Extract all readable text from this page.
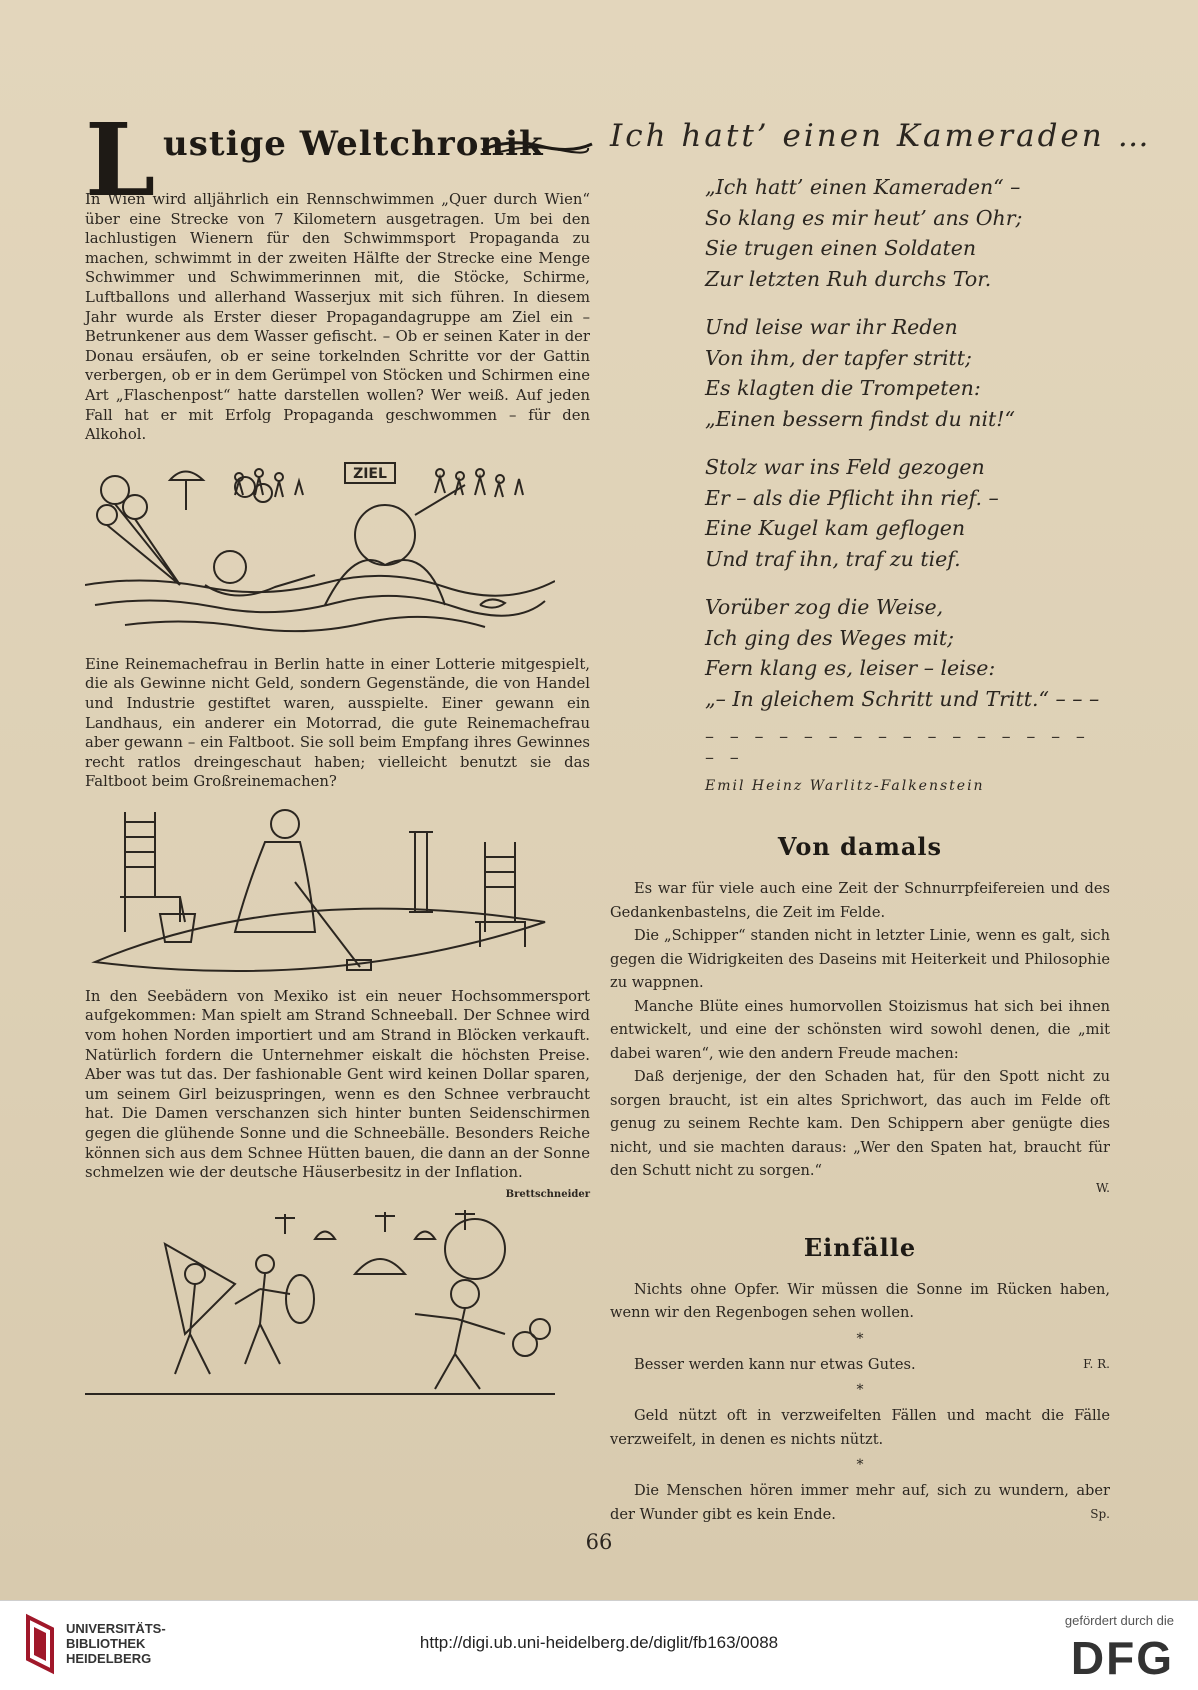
L ustige Weltchronik

In Wien wird alljährlich ein Rennschwimmen „Quer durch Wien“ über eine Strecke von 7 Kilometern ausgetragen. Um bei den lachlustigen Wienern für den Schwimmsport Propaganda zu machen, schwimmt in der zweiten Hälfte der Strecke eine Menge Schwimmer und Schwimmerinnen mit, die Stöcke, Schirme, Luftballons und allerhand Wasserjux mit sich führen. In diesem Jahr wurde als Erster dieser Propagandagruppe am Ziel ein – Betrunkener aus dem Wasser gefischt. – Ob er seinen Kater in der Donau ersäufen, ob er seine torkelnden Schritte vor der Gattin verbergen, ob er in dem Gerümpel von Stöcken und Schirmen eine Art „Flaschenpost“ hatte darstellen wollen? Wer weiß. Auf jeden Fall hat er mit Erfolg Propaganda geschwommen – für den Alkohol.

ZIEL

Eine Reinemachefrau in Berlin hatte in einer Lotterie mitgespielt, die als Gewinne nicht Geld, sondern Gegenstände, die von Handel und Industrie gestiftet waren, ausspielte. Einer gewann ein Landhaus, ein anderer ein Motorrad, die gute Reinemachefrau aber gewann – ein Faltboot. Sie soll beim Empfang ihres Gewinnes recht ratlos dreingeschaut haben; vielleicht benutzt sie das Faltboot beim Großreinemachen?

In den Seebädern von Mexiko ist ein neuer Hochsommersport aufgekommen: Man spielt am Strand Schneeball. Der Schnee wird vom hohen Norden importiert und am Strand in Blöcken verkauft. Natürlich fordern die Unternehmer eiskalt die höchsten Preise. Aber was tut das. Der fashionable Gent wird keinen Dollar sparen, um seinem Girl beizuspringen, wenn es den Schnee verbraucht hat. Die Damen verschanzen sich hinter bunten Seidenschirmen gegen die glühende Sonne und die Schneebälle. Besonders Reiche können sich aus dem Schnee Hütten bauen, die dann an der Sonne schmelzen wie der deutsche Häuserbesitz in der Inflation.
Brettschneider

Ich hatt’ einen Kameraden …
„Ich hatt’ einen Kameraden“ –
So klang es mir heut’ ans Ohr;
Sie trugen einen Soldaten
Zur letzten Ruh durchs Tor.
Und leise war ihr Reden
Von ihm, der tapfer stritt;
Es klagten die Trompeten:
„Einen bessern findst du nit!“
Stolz war ins Feld gezogen
Er – als die Pflicht ihn rief. –
Eine Kugel kam geflogen
Und traf ihn, traf zu tief.
Vorüber zog die Weise,
Ich ging des Weges mit;
Fern klang es, leiser – leise:
„– In gleichem Schritt und Tritt.“ – – –
– – – – – – – – – – – – – – – – – –
Emil Heinz Warlitz-Falkenstein
Von damals

Es war für viele auch eine Zeit der Schnurrpfeifereien und des Gedankenbastelns, die Zeit im Felde.

Die „Schipper“ standen nicht in letzter Linie, wenn es galt, sich gegen die Widrigkeiten des Daseins mit Heiterkeit und Philosophie zu wappnen.

Manche Blüte eines humorvollen Stoizismus hat sich bei ihnen entwickelt, und eine der schönsten wird sowohl denen, die „mit dabei waren“, wie den andern Freude machen:

Daß derjenige, der den Schaden hat, für den Spott nicht zu sorgen braucht, ist ein altes Sprichwort, das auch im Felde oft genug zu seinem Rechte kam. Den Schippern aber genügte dies nicht, und sie machten daraus: „Wer den Spaten hat, braucht für den Schutt nicht zu sorgen.“

W.
Einfälle

Nichts ohne Opfer. Wir müssen die Sonne im Rücken haben, wenn wir den Regenbogen sehen wollen.

*

Besser werden kann nur etwas Gutes.	F. R.

*

Geld nützt oft in verzweifelten Fällen und macht die Fälle verzweifelt, in denen es nichts nützt.

*

Die Menschen hören immer mehr auf, sich zu wundern, aber der Wunder gibt es kein Ende.	Sp.

66
UNIVERSITÄTS-
BIBLIOTHEK
HEIDELBERG
http://digi.ub.uni-heidelberg.de/diglit/fb163/0088
gefördert durch die
DFG
